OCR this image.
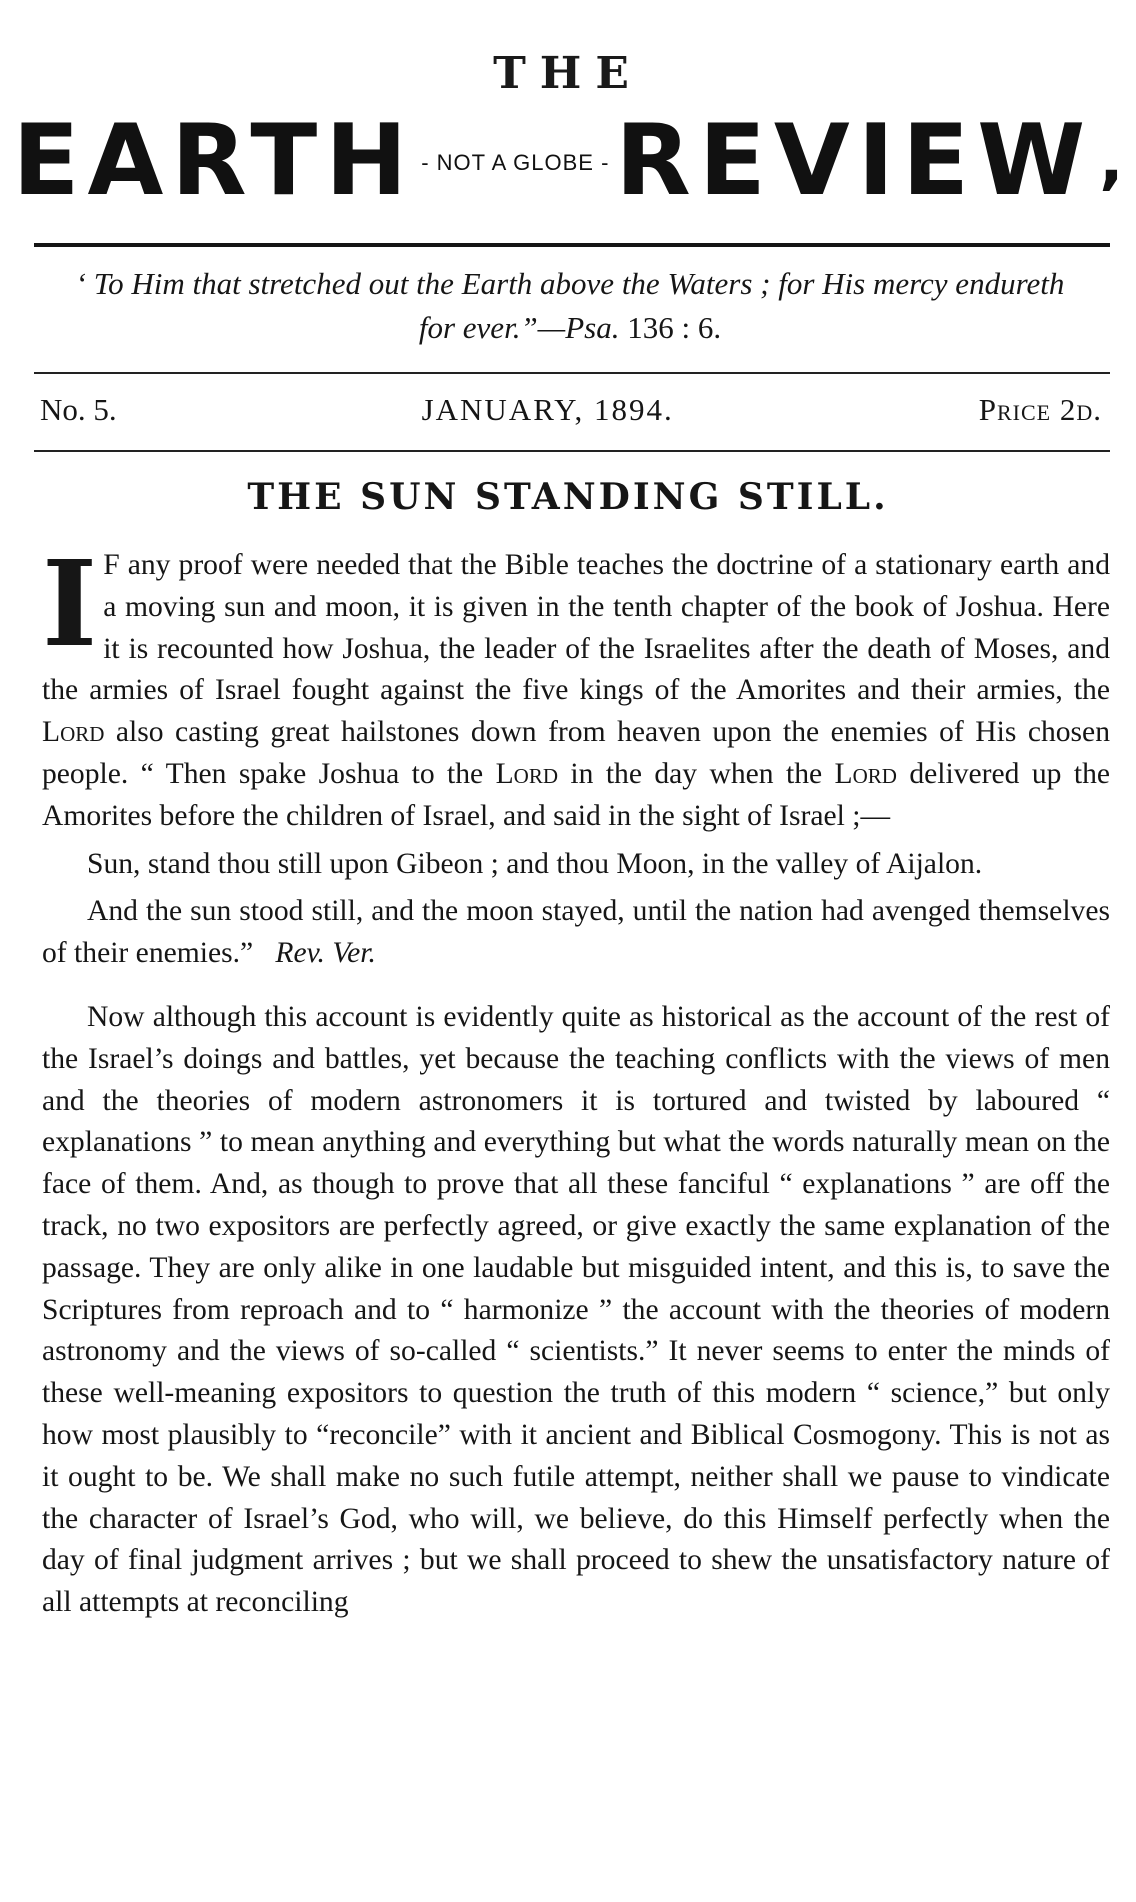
THE
EARTH - NOT A GLOBE - REVIEW ,
‘ To Him that stretched out the Earth above the Waters ; for His mercy endureth for ever.”—Psa. 136 : 6.
No. 5.	JANUARY, 1894.	Price 2d.
THE SUN STANDING STILL.

I F any proof were needed that the Bible teaches the doctrine of a stationary earth and a moving sun and moon, it is given in the tenth chapter of the book of Joshua. Here it is recounted how Joshua, the leader of the Israelites after the death of Moses, and the armies of Israel fought against the five kings of the Amorites and their armies, the Lord also casting great hailstones down from heaven upon the enemies of His chosen people. “ Then spake Joshua to the Lord in the day when the Lord delivered up the Amorites before the children of Israel, and said in the sight of Israel ;—

Sun, stand thou still upon Gibeon ; and thou Moon, in the valley of Aijalon.

And the sun stood still, and the moon stayed, until the nation had avenged themselves of their enemies.” Rev. Ver.

Now although this account is evidently quite as historical as the account of the rest of the Israel’s doings and battles, yet because the teaching conflicts with the views of men and the theories of modern astronomers it is tortured and twisted by laboured “ explanations ” to mean anything and everything but what the words naturally mean on the face of them. And, as though to prove that all these fanciful “ explanations ” are off the track, no two expositors are perfectly agreed, or give exactly the same explanation of the passage. They are only alike in one laudable but misguided intent, and this is, to save the Scriptures from reproach and to “ harmonize ” the account with the theories of modern astronomy and the views of so-called “ scientists.” It never seems to enter the minds of these well-meaning expositors to question the truth of this modern “ science,” but only how most plausibly to “reconcile” with it ancient and Biblical Cosmogony. This is not as it ought to be. We shall make no such futile attempt, neither shall we pause to vindicate the character of Israel’s God, who will, we believe, do this Himself perfectly when the day of final judgment arrives ; but we shall proceed to shew the unsatisfactory nature of all attempts at reconciling
